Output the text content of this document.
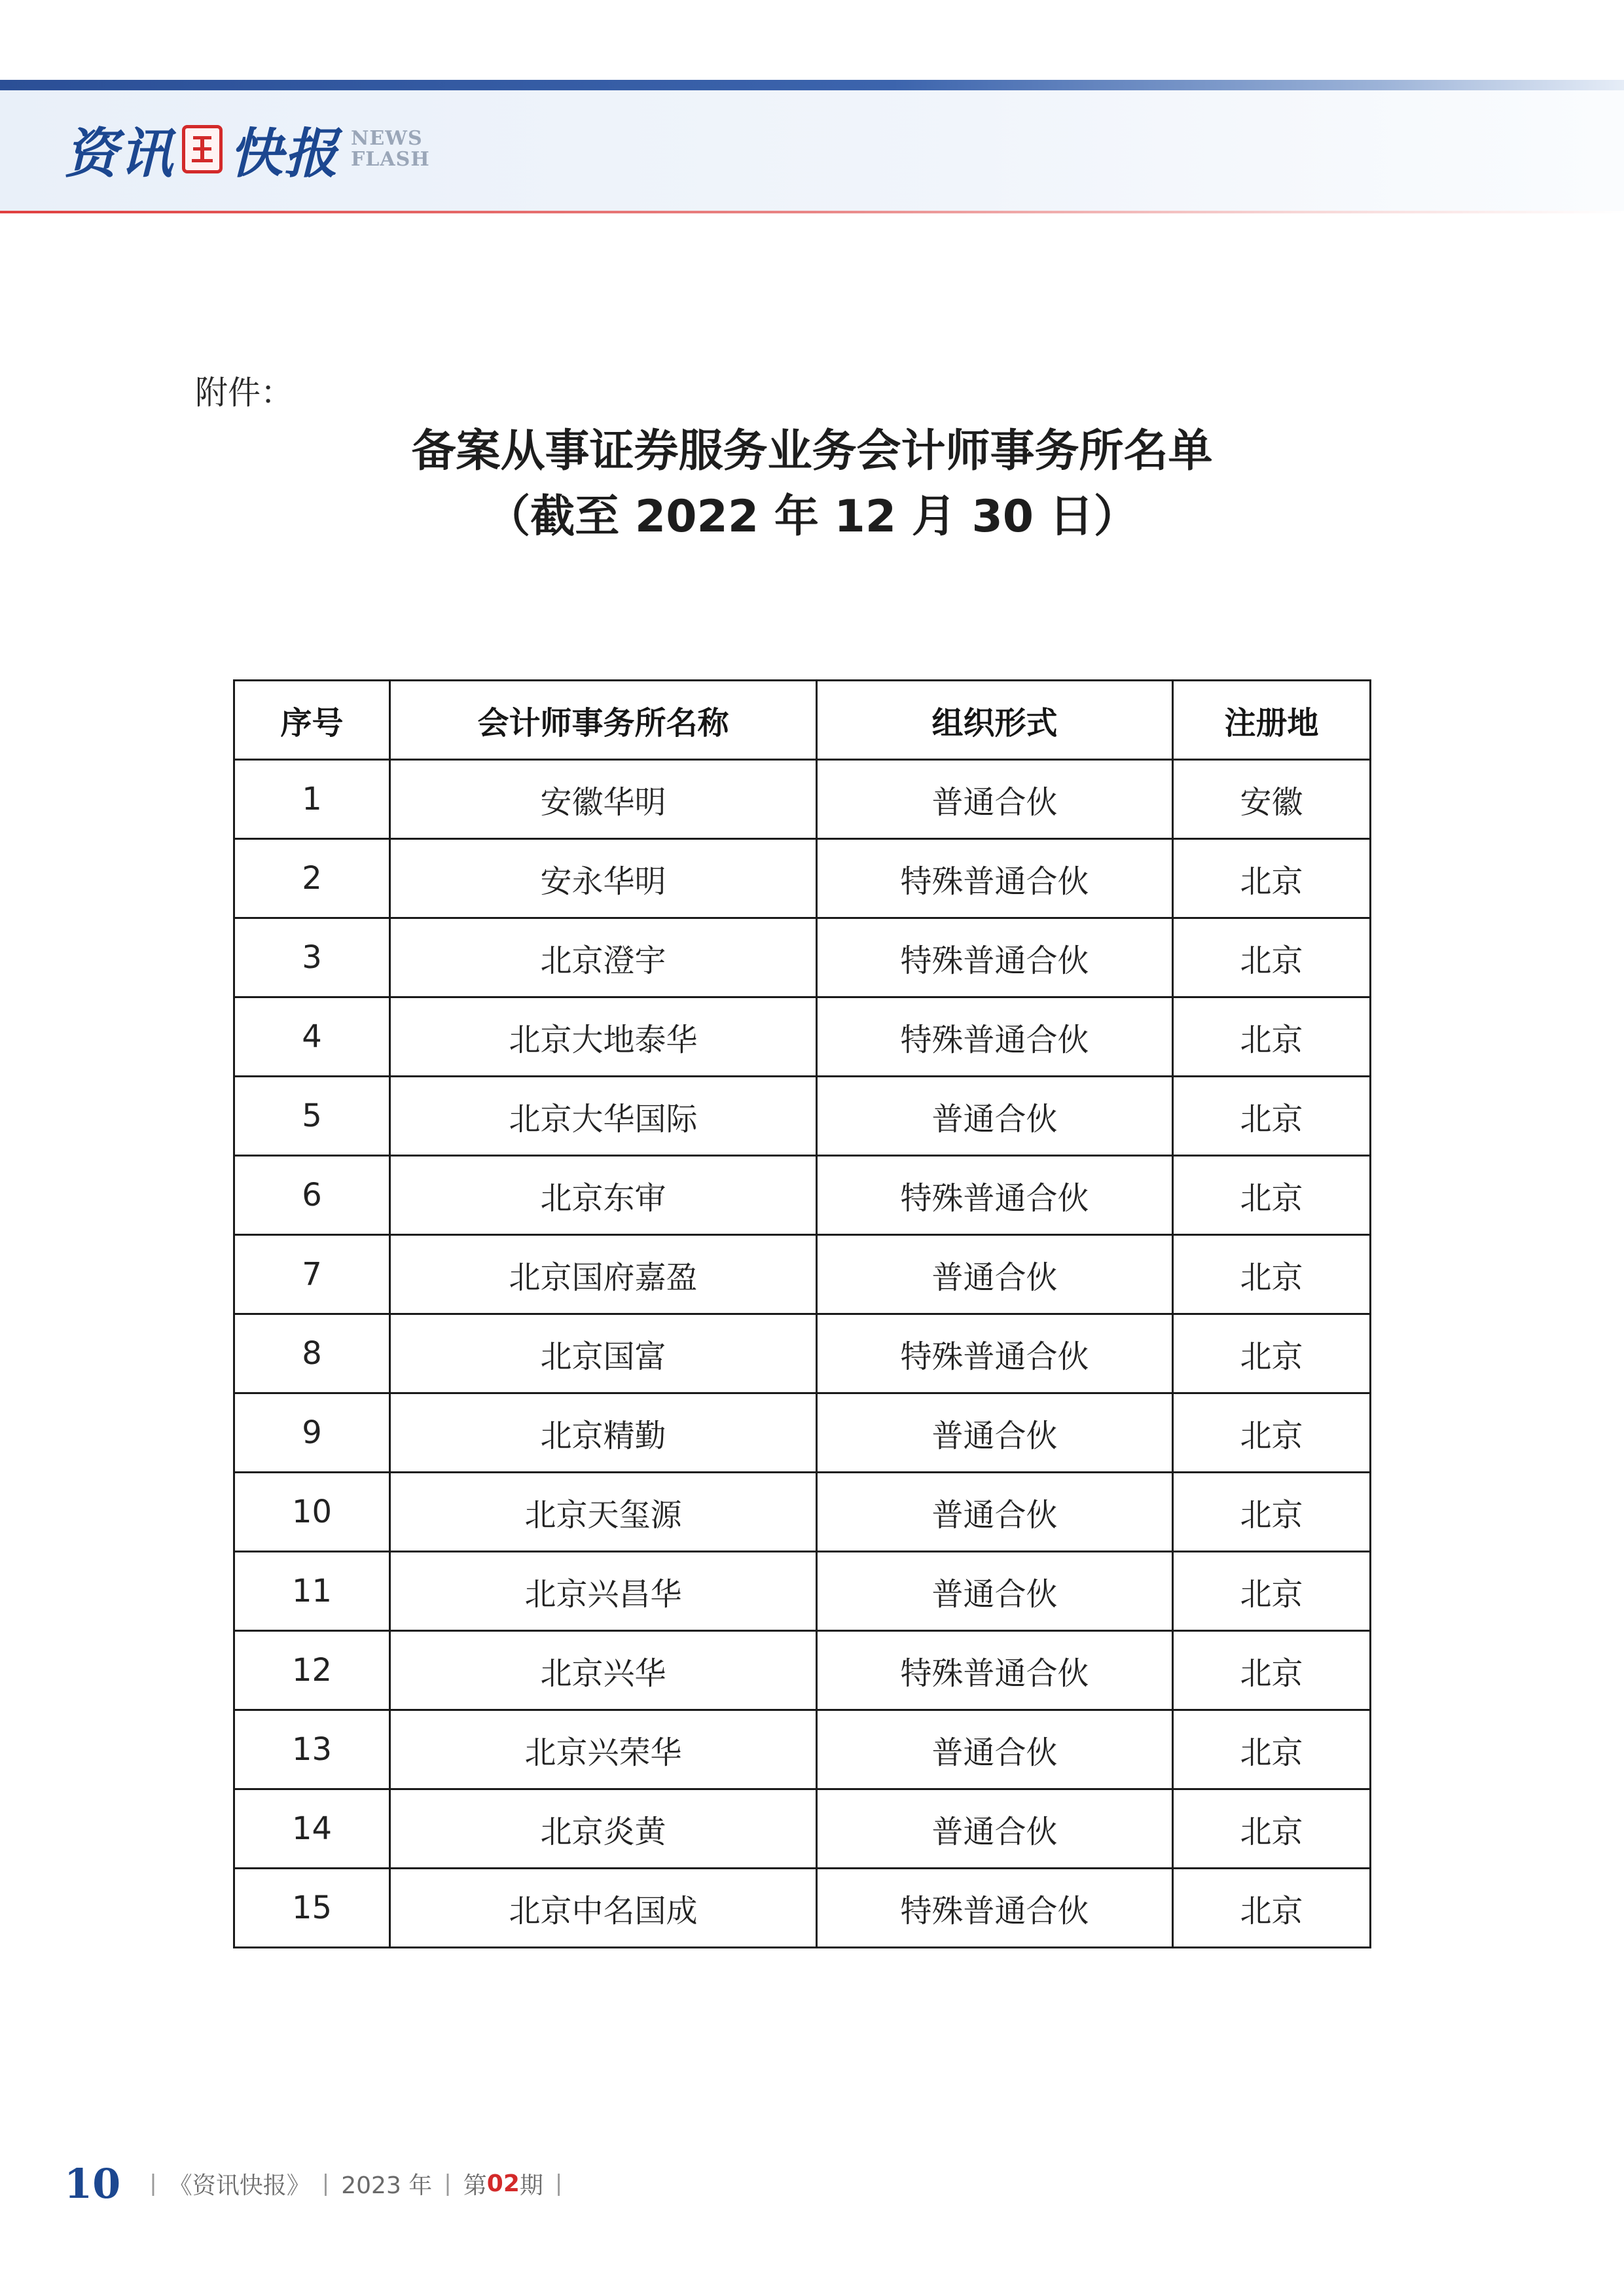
资讯 快报 NEWS
FLASH
附件：
备案从事证券服务业务会计师事务所名单
（截至 2022 年 12 月 30 日）
序号	会计师事务所名称	组织形式	注册地
1	安徽华明	普通合伙	安徽
2	安永华明	特殊普通合伙	北京
3	北京澄宇	特殊普通合伙	北京
4	北京大地泰华	特殊普通合伙	北京
5	北京大华国际	普通合伙	北京
6	北京东审	特殊普通合伙	北京
7	北京国府嘉盈	普通合伙	北京
8	北京国富	特殊普通合伙	北京
9	北京精勤	普通合伙	北京
10	北京天玺源	普通合伙	北京
11	北京兴昌华	普通合伙	北京
12	北京兴华	特殊普通合伙	北京
13	北京兴荣华	普通合伙	北京
14	北京炎黄	普通合伙	北京
15	北京中名国成	特殊普通合伙	北京
10 | 《资讯快报》 | 2023 年 | 第 02 期 |
